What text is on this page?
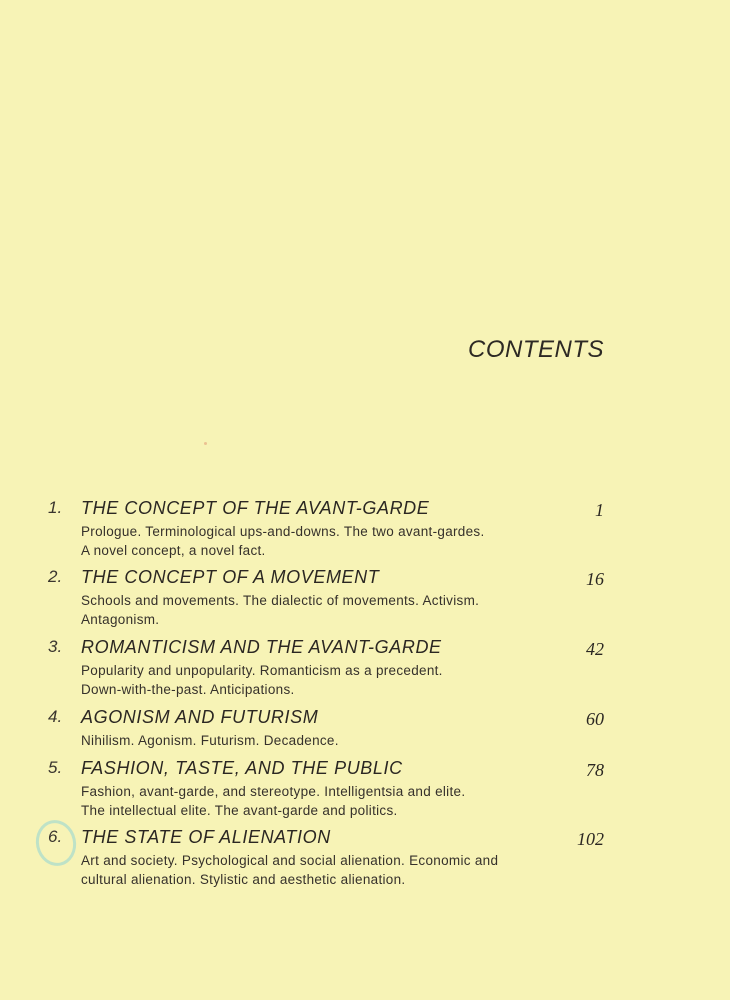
CONTENTS
1. THE CONCEPT OF THE AVANT-GARDE	1
Prologue. Terminological ups-and-downs. The two avant-gardes.
A novel concept, a novel fact.
2. THE CONCEPT OF A MOVEMENT	16
Schools and movements. The dialectic of movements. Activism.
Antagonism.
3. ROMANTICISM AND THE AVANT-GARDE	42
Popularity and unpopularity. Romanticism as a precedent.
Down-with-the-past. Anticipations.
4. AGONISM AND FUTURISM	60
Nihilism. Agonism. Futurism. Decadence.
5. FASHION, TASTE, AND THE PUBLIC	78
Fashion, avant-garde, and stereotype. Intelligentsia and elite.
The intellectual elite. The avant-garde and politics.
6. THE STATE OF ALIENATION	102
Art and society. Psychological and social alienation. Economic and
cultural alienation. Stylistic and aesthetic alienation.
